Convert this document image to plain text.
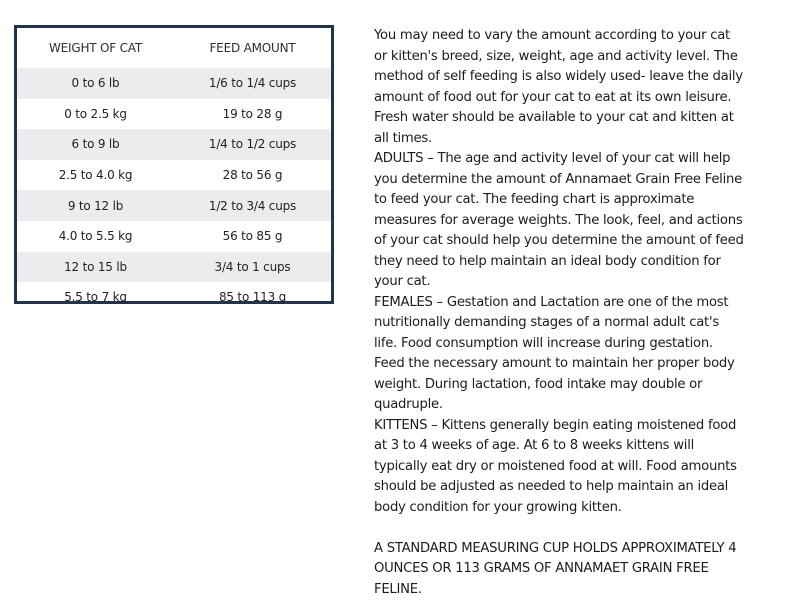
WEIGHT OF CAT	FEED AMOUNT
0 to 6 lb	1/6 to 1/4 cups
0 to 2.5 kg	19 to 28 g
6 to 9 lb	1/4 to 1/2 cups
2.5 to 4.0 kg	28 to 56 g
9 to 12 lb	1/2 to 3/4 cups
4.0 to 5.5 kg	56 to 85 g
12 to 15 lb	3/4 to 1 cups
5.5 to 7 kg	85 to 113 g

You may need to vary the amount according to your cat or kitten's breed, size, weight, age and activity level. The method of self feeding is also widely used- leave the daily amount of food out for your cat to eat at its own leisure. Fresh water should be available to your cat and kitten at all times.

ADULTS – The age and activity level of your cat will help you determine the amount of Annamaet Grain Free Feline to feed your cat. The feeding chart is approximate measures for average weights. The look, feel, and actions of your cat should help you determine the amount of feed they need to help maintain an ideal body condition for your cat.

FEMALES – Gestation and Lactation are one of the most nutritionally demanding stages of a normal adult cat's life. Food consumption will increase during gestation. Feed the necessary amount to maintain her proper body weight. During lactation, food intake may double or quadruple.

KITTENS – Kittens generally begin eating moistened food at 3 to 4 weeks of age. At 6 to 8 weeks kittens will typically eat dry or moistened food at will. Food amounts should be adjusted as needed to help maintain an ideal body condition for your growing kitten.

A STANDARD MEASURING CUP HOLDS APPROXIMATELY 4 OUNCES OR 113 GRAMS OF ANNAMAET GRAIN FREE FELINE.
